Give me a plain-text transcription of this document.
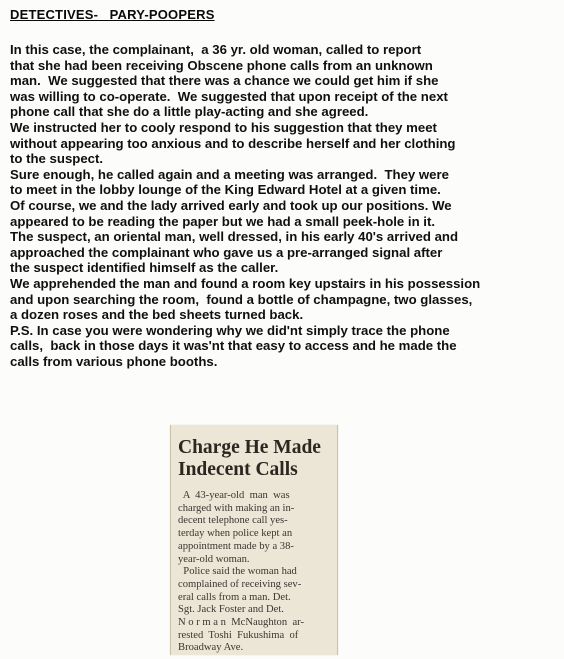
DETECTIVES-   PARY-POOPERS
In this case, the complainant,  a 36 yr. old woman, called to report
that she had been receiving Obscene phone calls from an unknown
man.  We suggested that there was a chance we could get him if she
was willing to co-operate.  We suggested that upon receipt of the next
phone call that she do a little play-acting and she agreed.
We instructed her to cooly respond to his suggestion that they meet
without appearing too anxious and to describe herself and her clothing
to the suspect.
Sure enough, he called again and a meeting was arranged.  They were
to meet in the lobby lounge of the King Edward Hotel at a given time.
Of course, we and the lady arrived early and took up our positions. We
appeared to be reading the paper but we had a small peek-hole in it.
The suspect, an oriental man, well dressed, in his early 40's arrived and
approached the complainant who gave us a pre-arranged signal after
the suspect identified himself as the caller.
We apprehended the man and found a room key upstairs in his possession
and upon searching the room,  found a bottle of champagne, two glasses,
a dozen roses and the bed sheets turned back.
P.S. In case you were wondering why we did'nt simply trace the phone
calls,  back in those days it was'nt that easy to access and he made the
calls from various phone booths.
Charge He Made
Indecent Calls
A  43-year-old  man  was
charged with making an in-
decent telephone call yes-
terday when police kept an
appointment made by a 38-
year-old woman.
Police said the woman had
complained of receiving sev-
eral calls from a man. Det.
Sgt. Jack Foster and Det.
N o r m a n  McNaughton  ar-
rested  Toshi  Fukushima  of
Broadway Ave.
